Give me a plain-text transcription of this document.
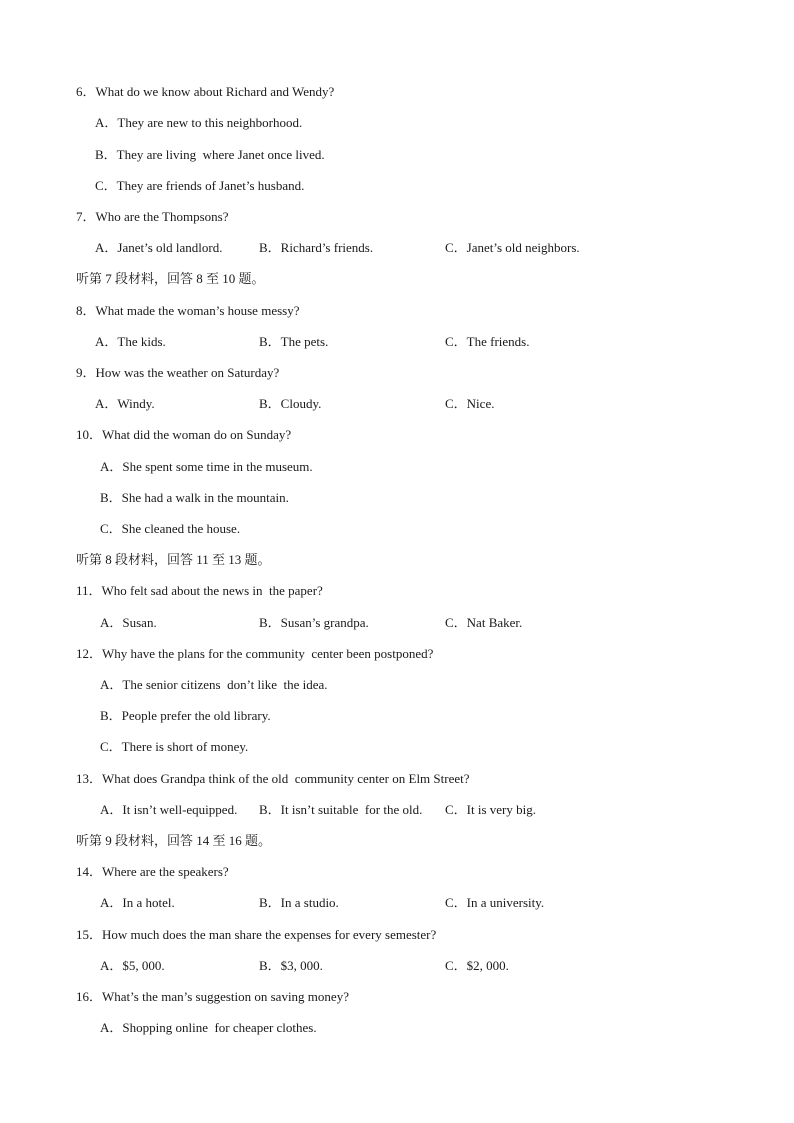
6．What do we know about Richard and Wendy?
A．They are new to this neighborhood.
B．They are living  where Janet once lived.
C．They are friends of Janet’s husband.
7．Who are the Thompsons?
A．Janet’s old landlord.	B．Richard’s friends.	C．Janet’s old neighbors.
听第 7 段材料，回答 8 至 10 题。
8．What made the woman’s house messy?
A．The kids.	B．The pets.	C．The friends.
9．How was the weather on Saturday?
A．Windy.	B．Cloudy.	C．Nice.
10．What did the woman do on Sunday?
A．She spent some time in the museum.
B．She had a walk in the mountain.
C．She cleaned the house.
听第 8 段材料，回答 11 至 13 题。
11．Who felt sad about the news in  the paper?
A．Susan.	B．Susan’s grandpa.	C．Nat Baker.
12．Why have the plans for the community  center been postponed?
A．The senior citizens  don’t like  the idea.
B．People prefer the old library.
C．There is short of money.
13．What does Grandpa think of the old  community center on Elm Street?
A．It isn’t well-equipped. B．It isn’t suitable  for the old. C．It is very big.
听第 9 段材料，回答 14 至 16 题。
14．Where are the speakers?
A．In a hotel.	B．In a studio.	C．In a university.
15．How much does the man share the expenses for every semester?
A．$5, 000.	B．$3, 000.	C．$2, 000.
16．What’s the man’s suggestion on saving money?
A．Shopping online  for cheaper clothes.
